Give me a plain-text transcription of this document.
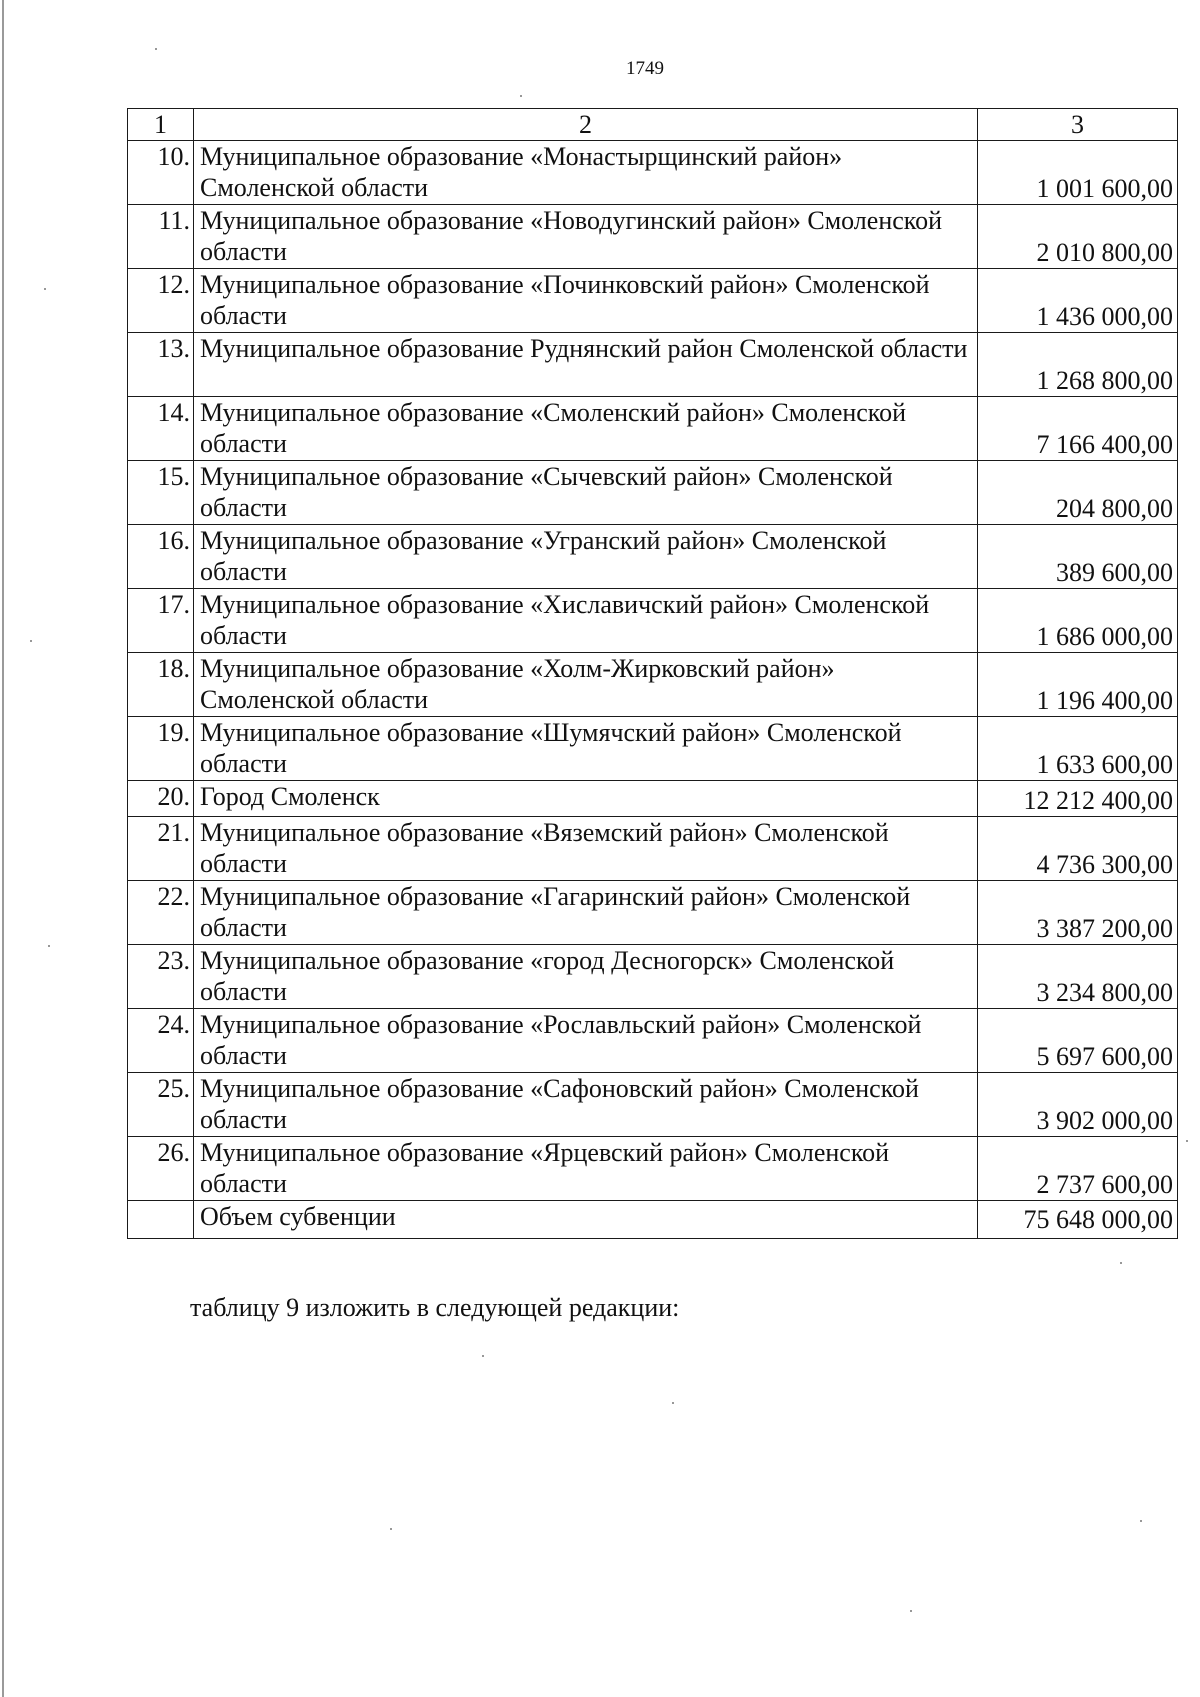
1749
1	2	3
10.	Муниципальное образование «Монастырщинский район» Смоленской области	1 001 600,00
11.	Муниципальное образование «Новодугинский район» Смоленской области	2 010 800,00
12.	Муниципальное образование «Починковский район» Смоленской области	1 436 000,00
13.	Муниципальное образование Руднянский район Смоленской области	1 268 800,00
14.	Муниципальное образование «Смоленский район» Смоленской области	7 166 400,00
15.	Муниципальное образование «Сычевский район» Смоленской области	204 800,00
16.	Муниципальное образование «Угранский район» Смоленской области	389 600,00
17.	Муниципальное образование «Хиславичский район» Смоленской области	1 686 000,00
18.	Муниципальное образование «Холм-Жирковский район» Смоленской области	1 196 400,00
19.	Муниципальное образование «Шумячский район» Смоленской области	1 633 600,00
20.	Город Смоленск	12 212 400,00
21.	Муниципальное образование «Вяземский район» Смоленской области	4 736 300,00
22.	Муниципальное образование «Гагаринский район» Смоленской области	3 387 200,00
23.	Муниципальное образование «город Десногорск» Смоленской области	3 234 800,00
24.	Муниципальное образование «Рославльский район» Смоленской области	5 697 600,00
25.	Муниципальное образование «Сафоновский район» Смоленской области	3 902 000,00
26.	Муниципальное образование «Ярцевский район» Смоленской области	2 737 600,00
	Объем субвенции	75 648 000,00
таблицу 9 изложить в следующей редакции:
